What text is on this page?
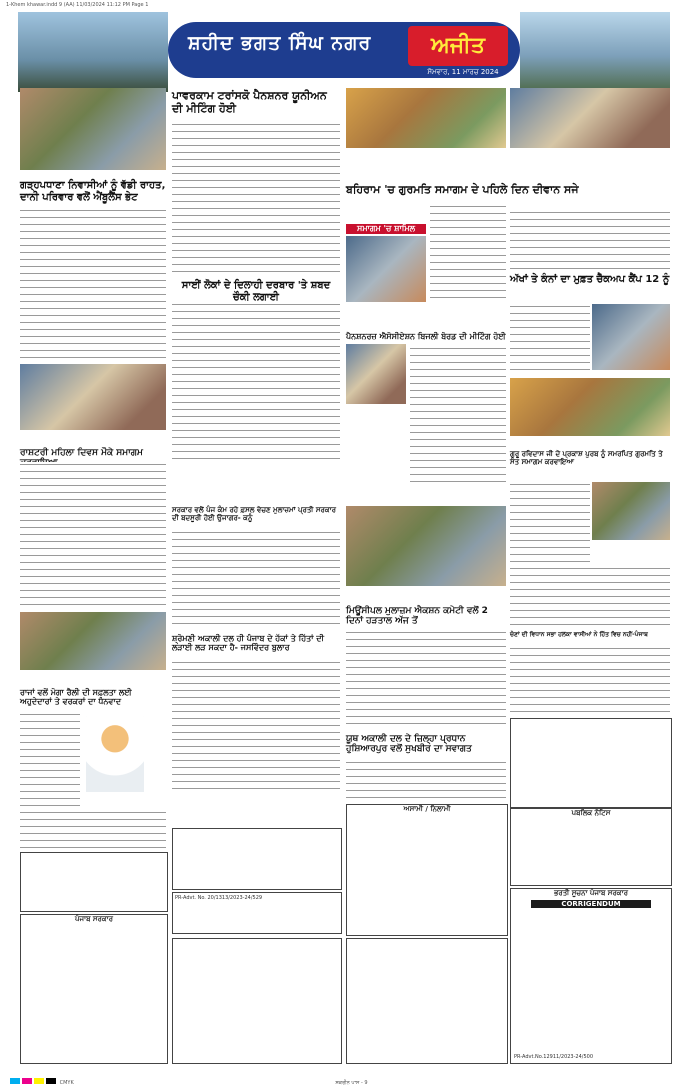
1-Khem khawar.indd 9 (AA) 11/03/2024 11:12 PM Page 1
ਸ਼ਹੀਦ ਭਗਤ ਸਿੰਘ ਨਗਰ	ਅਜੀਤ
ਜਲੰਧਰ, ਸੋਮਵਾਰ
ਸੋਮਵਾਰ, 11 ਮਾਰਚ 2024

ਗੜ੍ਹਪਧਾਣਾ ਨਿਵਾਸੀਆਂ ਨੂੰ ਵੱਡੀ ਰਾਹਤ, ਦਾਨੀ ਪਰਿਵਾਰ ਵਲੋਂ ਐਂਬੂਲੈਂਸ ਭੇਟ
ਰਾਸ਼ਟਰੀ ਮਹਿਲਾ ਦਿਵਸ ਮੌਕੇ ਸਮਾਗਮ
ਰਾਜਾਂ ਵਲੋਂ ਮੋਗਾ ਰੈਲੀ ਦੀ ਸਫ਼ਲਤਾ ਲਈ ਅਹੁਦੇਦਾਰਾਂ ਤੇ ਵਰਕਰਾਂ ਦਾ ਧੰਨਵਾਦ
ਪਾਵਰਕਾਮ ਟਰਾਂਸਕੋ ਪੈਨਸ਼ਨਰ ਯੂਨੀਅਨ ਦੀ ਮੀਟਿੰਗ ਹੋਈ
ਸਾਈਂ ਲੋਕਾਂ ਦੇ ਦਿਲਾਹੀ ਦਰਬਾਰ 'ਤੇ ਸ਼ਬਦ ਚੌਕੀ ਲਗਾਈ
ਸਰਕਾਰ ਵਲੋਂ ਪੰਜ ਕੰਮ ਰਹੇ ਫ਼ਸਲ ਵੇਚਣ ਮੁਲਾਜ਼ਮਾਂ ਪ੍ਰਤੀ ਸਰਕਾਰ ਦੀ ਬਦਸੂਰੀ ਹੋਈ ਉਜਾਗਰ- ਕਨੂੰ
ਸ਼੍ਰੋਮਣੀ ਅਕਾਲੀ ਦਲ ਹੀ ਪੰਜਾਬ ਦੇ ਹੱਕਾਂ ਤੇ ਹਿੱਤਾਂ ਦੀ ਲੜਾਈ ਲੜ ਸਕਦਾ ਹੈ- ਜਸਵਿੰਦਰ ਬੁਲਾਰ
ਬਹਿਰਾਮ 'ਚ ਗੁਰਮਤਿ ਸਮਾਗਮ ਦੇ ਪਹਿਲੇ ਦਿਨ ਦੀਵਾਨ ਸਜੇ
ਸਮਾਗਮ 'ਚ ਸ਼ਾਮਿਲ
ਪੈਨਸ਼ਨਰਜ਼ ਐਸੋਸੀਏਸ਼ਨ ਬਿਜਲੀ ਬੋਰਡ ਦੀ ਮੀਟਿੰਗ ਹੋਈ
ਮਿਊਂਸੀਪਲ ਮੁਲਾਜ਼ਮ ਐਕਸ਼ਨ ਕਮੇਟੀ ਵਲੋਂ 2 ਦਿਨਾਂ ਹੜਤਾਲ ਅੱਜ ਤੋਂ
ਯੂਥ ਅਕਾਲੀ ਦਲ ਦੇ ਜ਼ਿਲ੍ਹਾ ਪ੍ਰਧਾਨ ਹੁਸ਼ਿਆਰਪੁਰ ਵਲੋਂ ਸੁਖਬੀਰ ਦਾ ਸਵਾਗਤ
ਅੱਖਾਂ ਤੇ ਕੰਨਾਂ ਦਾ ਮੁਫ਼ਤ ਚੈੱਕਅਪ ਕੈਂਪ 12 ਨੂੰ
ਗੁਰੂ ਰਵਿਦਾਸ ਜੀ ਦੇ ਪ੍ਰਕਾਸ਼ ਪੁਰਬ ਨੂੰ ਸਮਰਪਿਤ ਗੁਰਮਤਿ ਤੇ ਸੰਤ ਸਮਾਗਮ ਕਰਵਾਇਆ
ਚੋਣਾਂ ਦੀ ਵਿਧਾਨ ਸਭਾ ਹਲਕਾ ਵਾਸੀਆਂ ਨੇ ਹਿੱਤ ਵਿਚ ਨਹੀਂ-ਪੰਜਾਬ
ਪੰਜਾਬ ਸਰਕਾਰ
PR-Advt. No. 20/1313/2023-24/529
ਅਸਾਮੀ / ਨਿਲਾਮੀ	ਪਬਲਿਕ ਨੋਟਿਸ
ਭਰਤੀ ਸੂਚਨਾ ਪੰਜਾਬ ਸਰਕਾਰ
CORRIGENDUM
PR-Advt.No.12911/2023-24/500
CMYK	ਸਕਰੀਨ ਪਾਸ - 9
